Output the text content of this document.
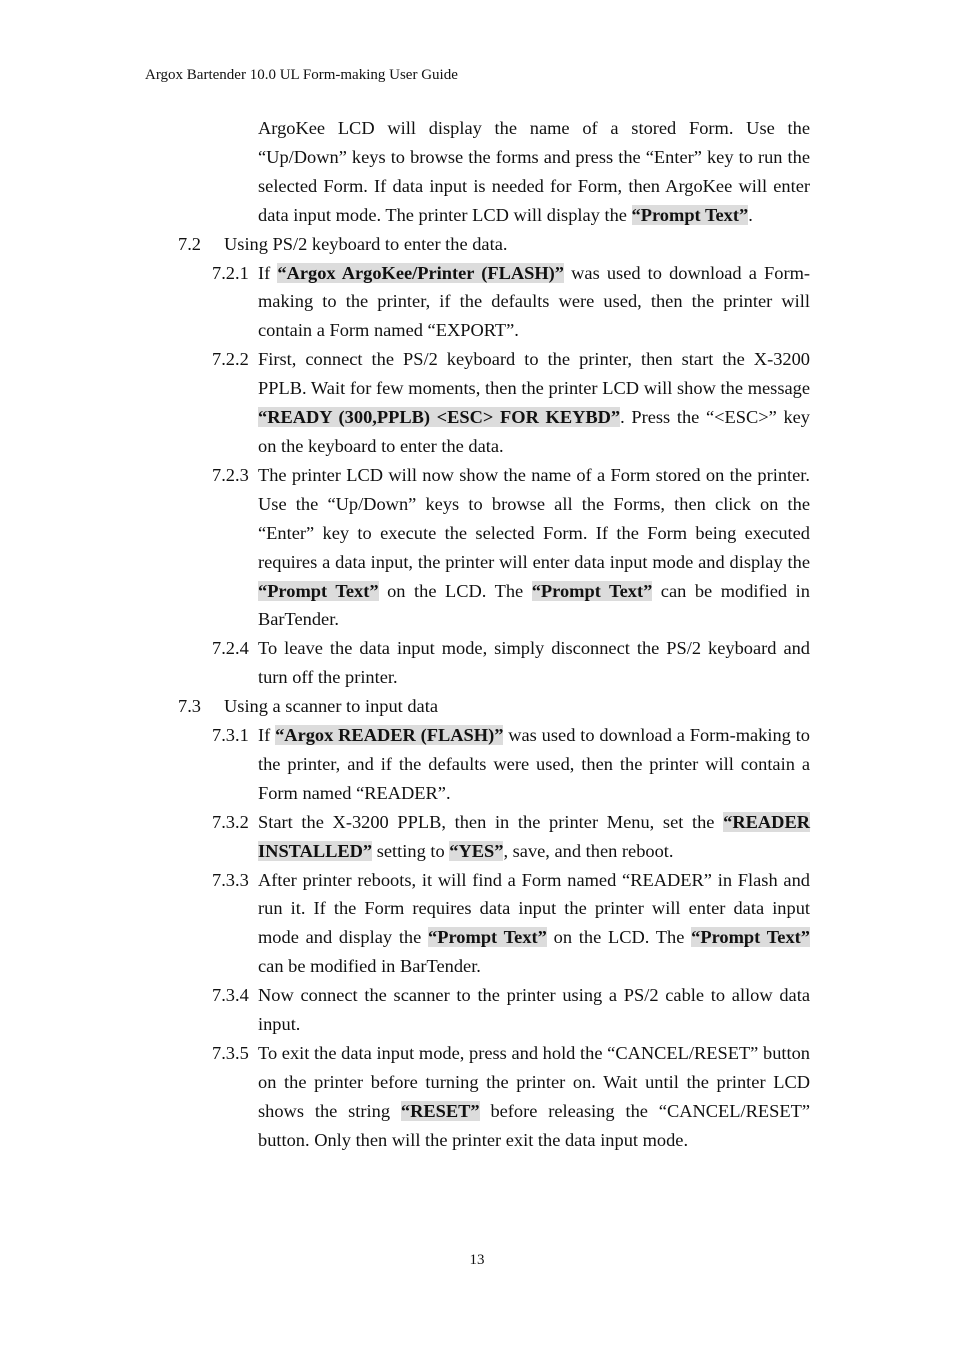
Argox Bartender 10.0 UL Form-making User Guide
ArgoKee LCD will display the name of a stored Form. Use the “Up/Down” keys to browse the forms and press the “Enter” key to run the selected Form. If data input is needed for Form, then ArgoKee will enter data input mode. The printer LCD will display the “Prompt Text”.
7.2 Using PS/2 keyboard to enter the data.
7.2.1 If “Argox ArgoKee/Printer (FLASH)” was used to download a Form-making to the printer, if the defaults were used, then the printer will contain a Form named “EXPORT”.
7.2.2 First, connect the PS/2 keyboard to the printer, then start the X-3200 PPLB. Wait for few moments, then the printer LCD will show the message “READY (300,PPLB) <ESC> FOR KEYBD”. Press the “<ESC>” key on the keyboard to enter the data.
7.2.3 The printer LCD will now show the name of a Form stored on the printer. Use the “Up/Down” keys to browse all the Forms, then click on the “Enter” key to execute the selected Form. If the Form being executed requires a data input, the printer will enter data input mode and display the “Prompt Text” on the LCD. The “Prompt Text” can be modified in BarTender.
7.2.4 To leave the data input mode, simply disconnect the PS/2 keyboard and turn off the printer.
7.3 Using a scanner to input data
7.3.1 If “Argox READER (FLASH)” was used to download a Form-making to the printer, and if the defaults were used, then the printer will contain a Form named “READER”.
7.3.2 Start the X-3200 PPLB, then in the printer Menu, set the “READER INSTALLED” setting to “YES”, save, and then reboot.
7.3.3 After printer reboots, it will find a Form named “READER” in Flash and run it. If the Form requires data input the printer will enter data input mode and display the “Prompt Text” on the LCD. The “Prompt Text” can be modified in BarTender.
7.3.4 Now connect the scanner to the printer using a PS/2 cable to allow data input.
7.3.5 To exit the data input mode, press and hold the “CANCEL/RESET” button on the printer before turning the printer on. Wait until the printer LCD shows the string “RESET” before releasing the “CANCEL/RESET” button. Only then will the printer exit the data input mode.
13
